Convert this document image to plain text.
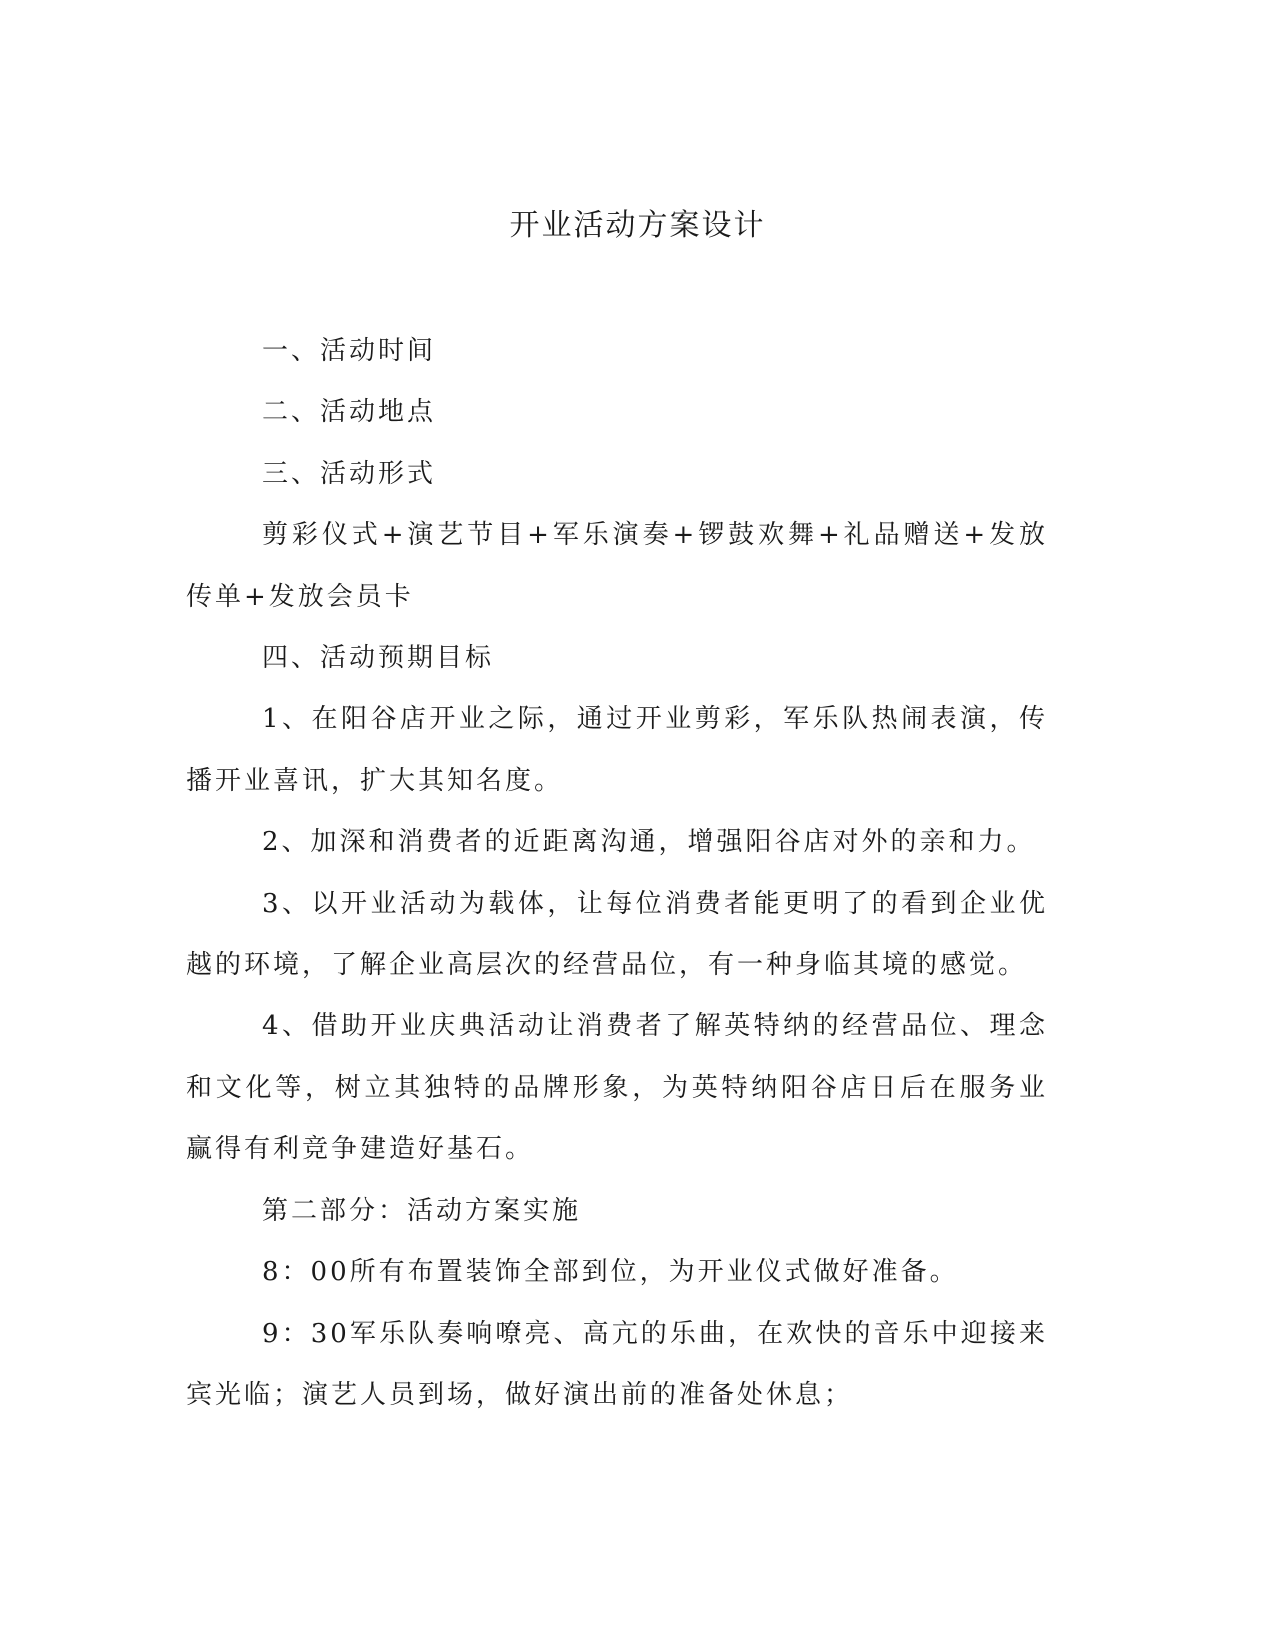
开业活动方案设计

一、活动时间

二、活动地点

三、活动形式

剪彩仪式+演艺节目+军乐演奏+锣鼓欢舞+礼品赠送+发放传单+发放会员卡

四、活动预期目标

1、在阳谷店开业之际，通过开业剪彩，军乐队热闹表演，传播开业喜讯，扩大其知名度。

2、加深和消费者的近距离沟通，增强阳谷店对外的亲和力。

3、以开业活动为载体，让每位消费者能更明了的看到企业优越的环境，了解企业高层次的经营品位，有一种身临其境的感觉。

4、借助开业庆典活动让消费者了解英特纳的经营品位、理念和文化等，树立其独特的品牌形象，为英特纳阳谷店日后在服务业赢得有利竞争建造好基石。

第二部分：活动方案实施

8：00所有布置装饰全部到位，为开业仪式做好准备。

9：30军乐队奏响嘹亮、高亢的乐曲，在欢快的音乐中迎接来宾光临；演艺人员到场，做好演出前的准备处休息；
